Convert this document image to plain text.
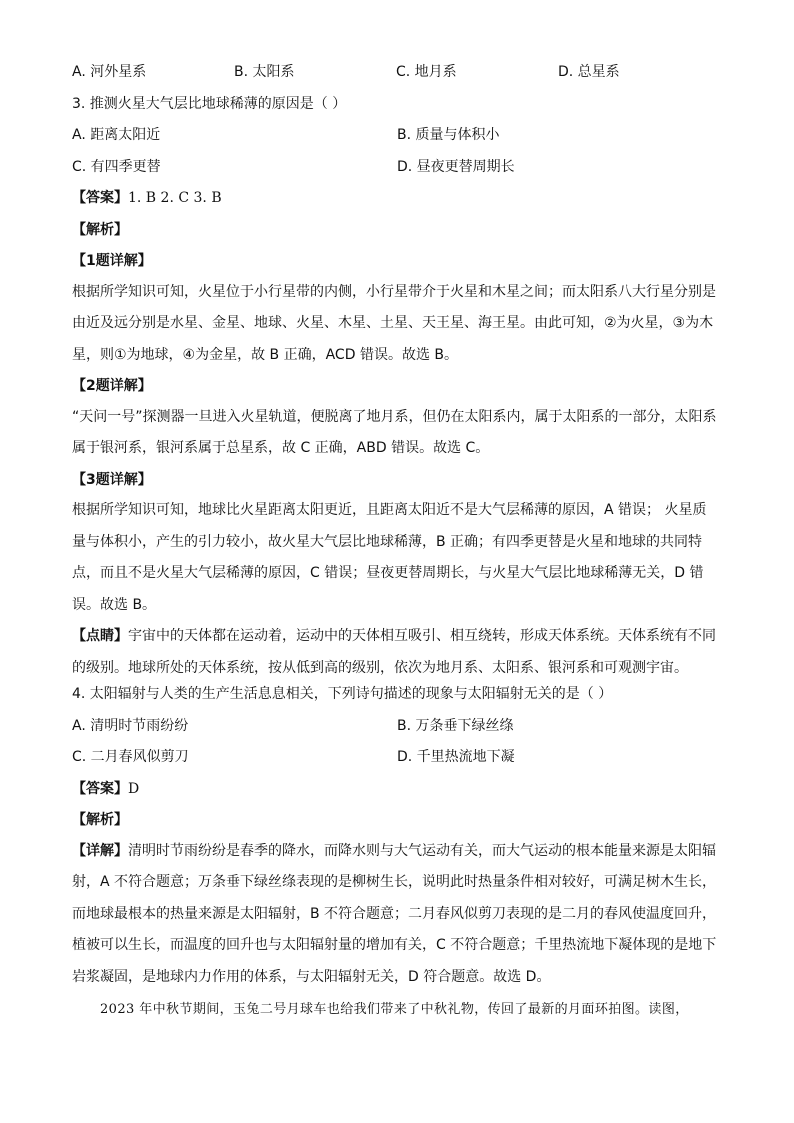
A. 河外星系	B. 太阳系	C. 地月系	D. 总星系
3. 推测火星大气层比地球稀薄的原因是（ ）
A. 距离太阳近	B. 质量与体积小
C. 有四季更替	D. 昼夜更替周期长
【答案】1. B 2. C 3. B
【解析】
【1题详解】
根据所学知识可知，火星位于小行星带的内侧，小行星带介于火星和木星之间；而太阳系八大行星分别是
由近及远分别是水星、金星、地球、火星、木星、土星、天王星、海王星。由此可知，②为火星，③为木
星，则①为地球，④为金星，故 B 正确，ACD 错误。故选 B。
【2题详解】
“天问一号”探测器一旦进入火星轨道，便脱离了地月系，但仍在太阳系内，属于太阳系的一部分，太阳系
属于银河系，银河系属于总星系，故 C 正确，ABD 错误。故选 C。
【3题详解】
根据所学知识可知，地球比火星距离太阳更近，且距离太阳近不是大气层稀薄的原因，A 错误； 火星质
量与体积小，产生的引力较小，故火星大气层比地球稀薄，B 正确；有四季更替是火星和地球的共同特
点，而且不是火星大气层稀薄的原因，C 错误；昼夜更替周期长，与火星大气层比地球稀薄无关，D 错
误。故选 B。
【点睛】宇宙中的天体都在运动着，运动中的天体相互吸引、相互绕转，形成天体系统。天体系统有不同
的级别。地球所处的天体系统，按从低到高的级别，依次为地月系、太阳系、银河系和可观测宇宙。
4. 太阳辐射与人类的生产生活息息相关，下列诗句描述的现象与太阳辐射无关的是（ ）
A. 清明时节雨纷纷	B. 万条垂下绿丝绦
C. 二月春风似剪刀	D. 千里热流地下凝
【答案】D
【解析】
【详解】清明时节雨纷纷是春季的降水，而降水则与大气运动有关，而大气运动的根本能量来源是太阳辐
射，A 不符合题意；万条垂下绿丝绦表现的是柳树生长，说明此时热量条件相对较好，可满足树木生长，
而地球最根本的热量来源是太阳辐射，B 不符合题意；二月春风似剪刀表现的是二月的春风使温度回升，
植被可以生长，而温度的回升也与太阳辐射量的增加有关，C 不符合题意；千里热流地下凝体现的是地下
岩浆凝固，是地球内力作用的体系，与太阳辐射无关，D 符合题意。故选 D。
2023 年中秋节期间，玉兔二号月球车也给我们带来了中秋礼物，传回了最新的月面环拍图。读图，
